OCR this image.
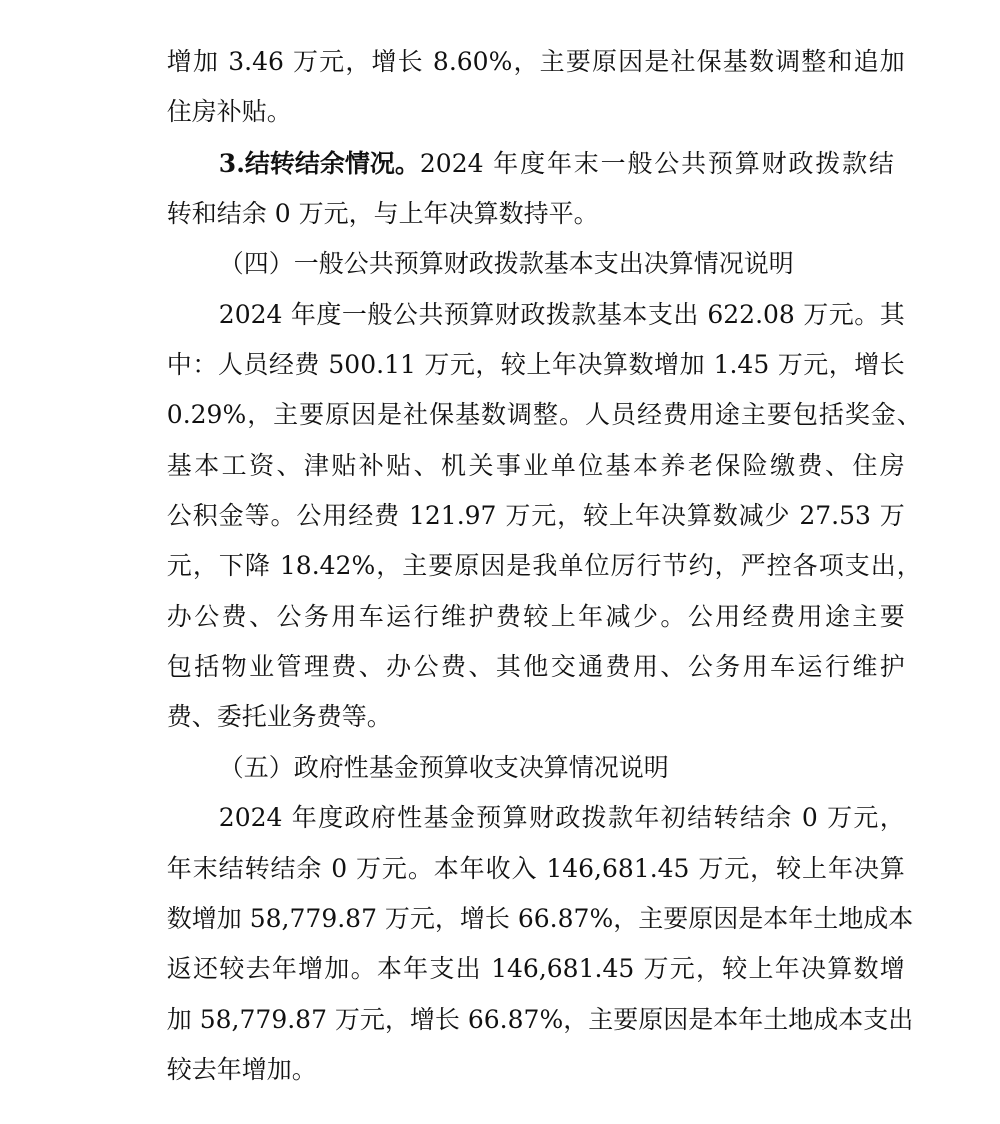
增加 3.46 万元，增长 8.60%，主要原因是社保基数调整和追加

住房补贴。

3.结转结余情况。2024 年度年末一般公共预算财政拨款结

转和结余 0 万元，与上年决算数持平。

（四）一般公共预算财政拨款基本支出决算情况说明

2024 年度一般公共预算财政拨款基本支出 622.08 万元。其

中：人员经费 500.11 万元，较上年决算数增加 1.45 万元，增长

0.29%，主要原因是社保基数调整。人员经费用途主要包括奖金、

基本工资、津贴补贴、机关事业单位基本养老保险缴费、住房

公积金等。公用经费 121.97 万元，较上年决算数减少 27.53 万

元，下降 18.42%，主要原因是我单位厉行节约，严控各项支出，

办公费、公务用车运行维护费较上年减少。公用经费用途主要

包括物业管理费、办公费、其他交通费用、公务用车运行维护

费、委托业务费等。

（五）政府性基金预算收支决算情况说明

2024 年度政府性基金预算财政拨款年初结转结余 0 万元，

年末结转结余 0 万元。本年收入 146,681.45 万元，较上年决算

数增加 58,779.87 万元，增长 66.87%，主要原因是本年土地成本

返还较去年增加。本年支出 146,681.45 万元，较上年决算数增

加 58,779.87 万元，增长 66.87%，主要原因是本年土地成本支出

较去年增加。
